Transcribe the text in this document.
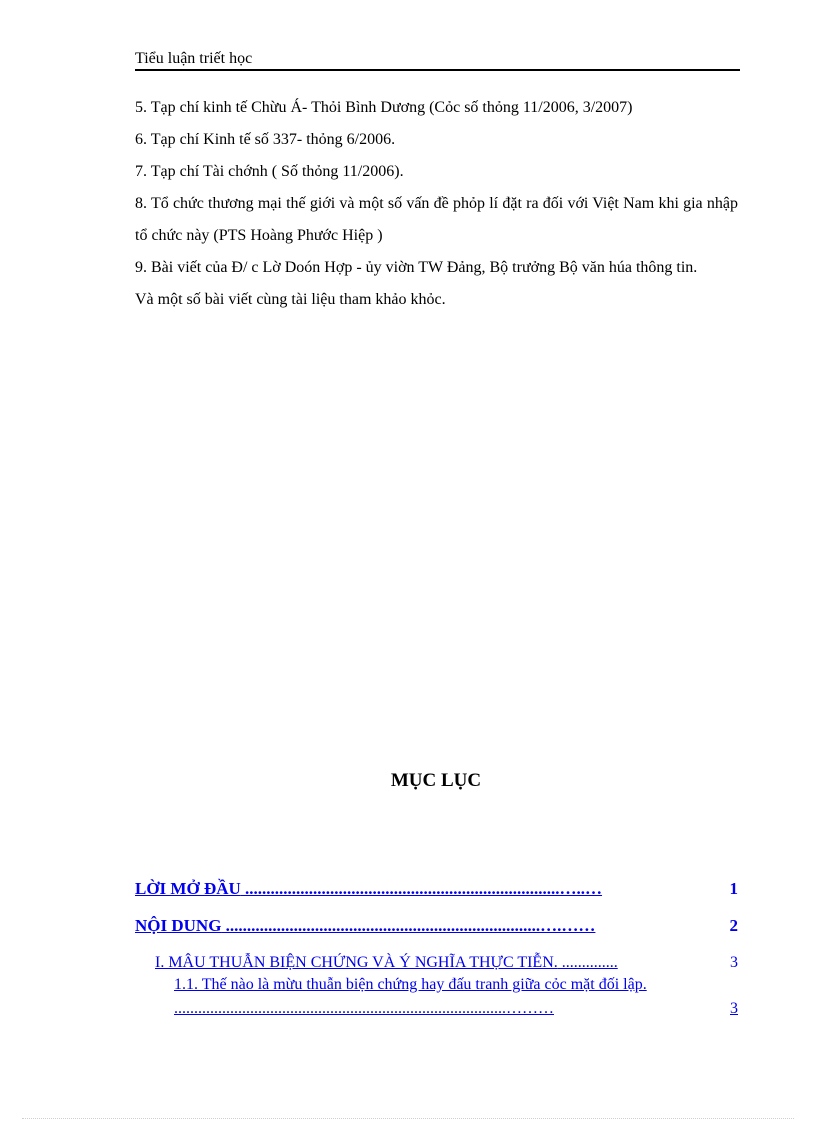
Tiểu luận triết học

5. Tạp chí kinh tế Chừu Á- Thỏi Bình Dương (Cỏc số thỏng 11/2006, 3/2007)

6. Tạp chí Kinh tế số 337- thỏng 6/2006.

7. Tạp chí Tài chớnh ( Số thỏng 11/2006).

8. Tổ chức thương mại thế giới và một số vấn đề phỏp lí đặt ra đối với Việt Nam khi gia nhập tổ chức này (PTS Hoàng Phước Hiệp )

9. Bài viết của Đ/ c Lờ Doón Hợp - ủy viờn TW Đảng, Bộ trưởng Bộ văn húa thông tin.

Và một số bài viết cùng tài liệu tham khảo khỏc.

MỤC LỤC
LỜI MỞ ĐẦU ..........................................................................…..…	1
NỘI DUNG ..........................................................................….……	2
I. MÂU THUẪN BIỆN CHỨNG VÀ Ý NGHĨA THỰC TIỄN. ..............	3
1.1. Thế nào là mừu thuẫn biện chứng hay đấu tranh giữa cỏc mặt đối lập. ...................................................................................………	3
